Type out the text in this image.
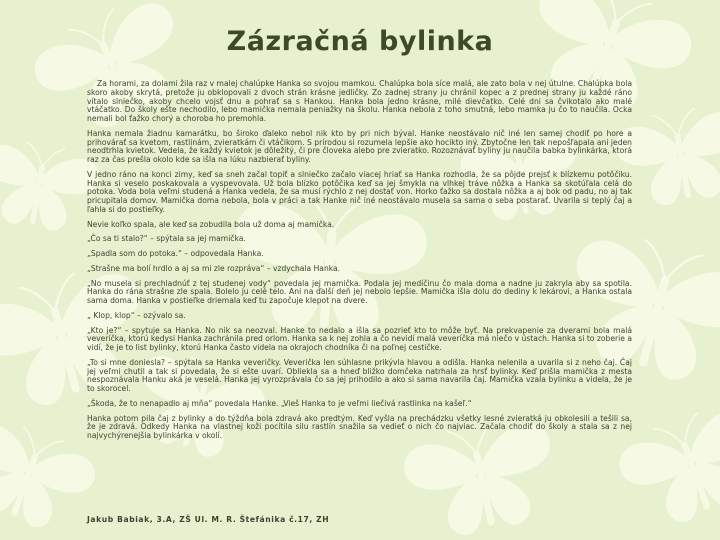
Zázračná bylinka

Za horami, za dolami žila raz v malej chalúpke Hanka so svojou mamkou. Chalúpka bola síce malá, ale zato bola v nej útulne. Chalúpka bola skoro akoby skrytá, pretože ju obklopovali z dvoch strán krásne jedličky. Zo zadnej strany ju chránil kopec a z prednej strany ju každé ráno vítalo slniečko, akoby chcelo vojsť dnu a pohrať sa s Hankou. Hanka bola jedno krásne, milé dievčatko. Celé dni sa čvikotalo ako malé vtáčatko. Do školy ešte nechodilo, lebo mamička nemala peniažky na školu. Hanka nebola z toho smutná, lebo mamka ju čo to naučila. Ocka nemali bol ťažko chorý a choroba ho premohla.

Hanka nemala žiadnu kamarátku, bo široko ďaleko nebol nik kto by pri nich býval. Hanke neostávalo nič iné len samej chodiť po hore a prihovárať sa kvetom, rastlinám, zvieratkám či vtáčikom. S prírodou si rozumela lepšie ako hocikto iný. Zbytočne len tak nepošľapala ani jeden neodtrhla kvietok. Vedela, že každý kvietok je dôležitý, či pre človeka alebo pre zvieratko. Rozoznávať byliny ju naučila babka bylinkárka, ktorá raz za čas prešla okolo kde sa išla na lúku nazbierať byliny.

V jedno ráno na konci zimy, keď sa sneh začal topiť a slniečko začalo viacej hriať sa Hanka rozhodla, že sa pôjde prejsť k blízkemu potôčiku. Hanka si veselo poskakovala a vyspevovala. Už bola blízko potôčika keď sa jej šmykla na vlhkej tráve nôžka a Hanka sa skotúľala celá do potoka. Voda bola veľmi studená a Hanka vedela, že sa musí rýchlo z nej dostať von. Horko ťažko sa dostala nôžka a aj bok od padu, no aj tak pricupitala domov. Mamička doma nebola, bola v práci a tak Hanke nič iné neostávalo musela sa sama o seba postarať. Uvarila si teplý čaj a ľahla si do postieľky.

Nevie koľko spala, ale keď sa zobudila bola už doma aj mamička.

„Čo sa ti stalo?“ – spýtala sa jej mamička.

„Spadla som do potoka.“ – odpovedala Hanka.

„Strašne ma bolí hrdlo a aj sa mi zle rozpráva“ – vzdychala Hanka.

„No musela si prechladnúť z tej studenej vody“ povedala jej mamička. Podala jej medíčinu čo mala doma a nadne ju zakryla aby sa spotila. Hanka do rána strašne zle spala. Bolelo ju celé telo. Ani na ďalší deň jej nebolo lepšie. Mamička išla dolu do dediny k lekárovi, a Hanka ostala sama doma. Hanka v postieľke driemala keď tu započuje klepot na dvere.

„ Klop, klop“ – ozývalo sa.

„Kto je?“ – spytuje sa Hanka. No nik sa neozval. Hanke to nedalo a išla sa pozrieť kto to môže byť. Na prekvapenie za dverami bola malá veveríčka, ktorú kedysi Hanka zachránila pred orlom. Hanka sa k nej zohla a čo nevidí malá veveríčka má niečo v ústach. Hanka si to zoberie a vidí, že je to list bylinky, ktorú Hanka často videla na okrajoch chodníka či na poľnej cestičke.

„To si mne doniesla? – spýtala sa Hanka veveričky. Veverička len súhlasne prikývla hlavou a odišla. Hanka nelenila a uvarila si z neho čaj. Čaj jej veľmi chutil a tak si povedala, že si ešte uvarí. Obliekla sa a hneď bližko domčeka natrhala za hrsť bylinky. Keď prišla mamička z mesta nespoznávala Hanku aká je veselá. Hanka jej vyrozprávala čo sa jej prihodilo a ako si sama navarila čaj. Mamička vzala bylinku a videla, že je to skorocel.

„Škoda, že to nenapadlo aj mňa“ povedala Hanke. „Vieš Hanka to je veľmi liečivá rastlinka na kašeľ.“

Hanka potom pila čaj z bylinky a do týždňa bola zdravá ako predtým. Keď vyšla na prechádzku všetky lesné zvieratká ju obkolesili a tešili sa, že je zdravá. Odkedy Hanka na vlastnej koži pocítila silu rastlín snažila sa vedieť o nich čo najviac. Začala chodiť do školy a stala sa z nej najvychýrenejšia bylinkárka v okolí.

Jakub Babiak, 3.A, ZŠ Ul. M. R. Štefánika č.17, ZH
